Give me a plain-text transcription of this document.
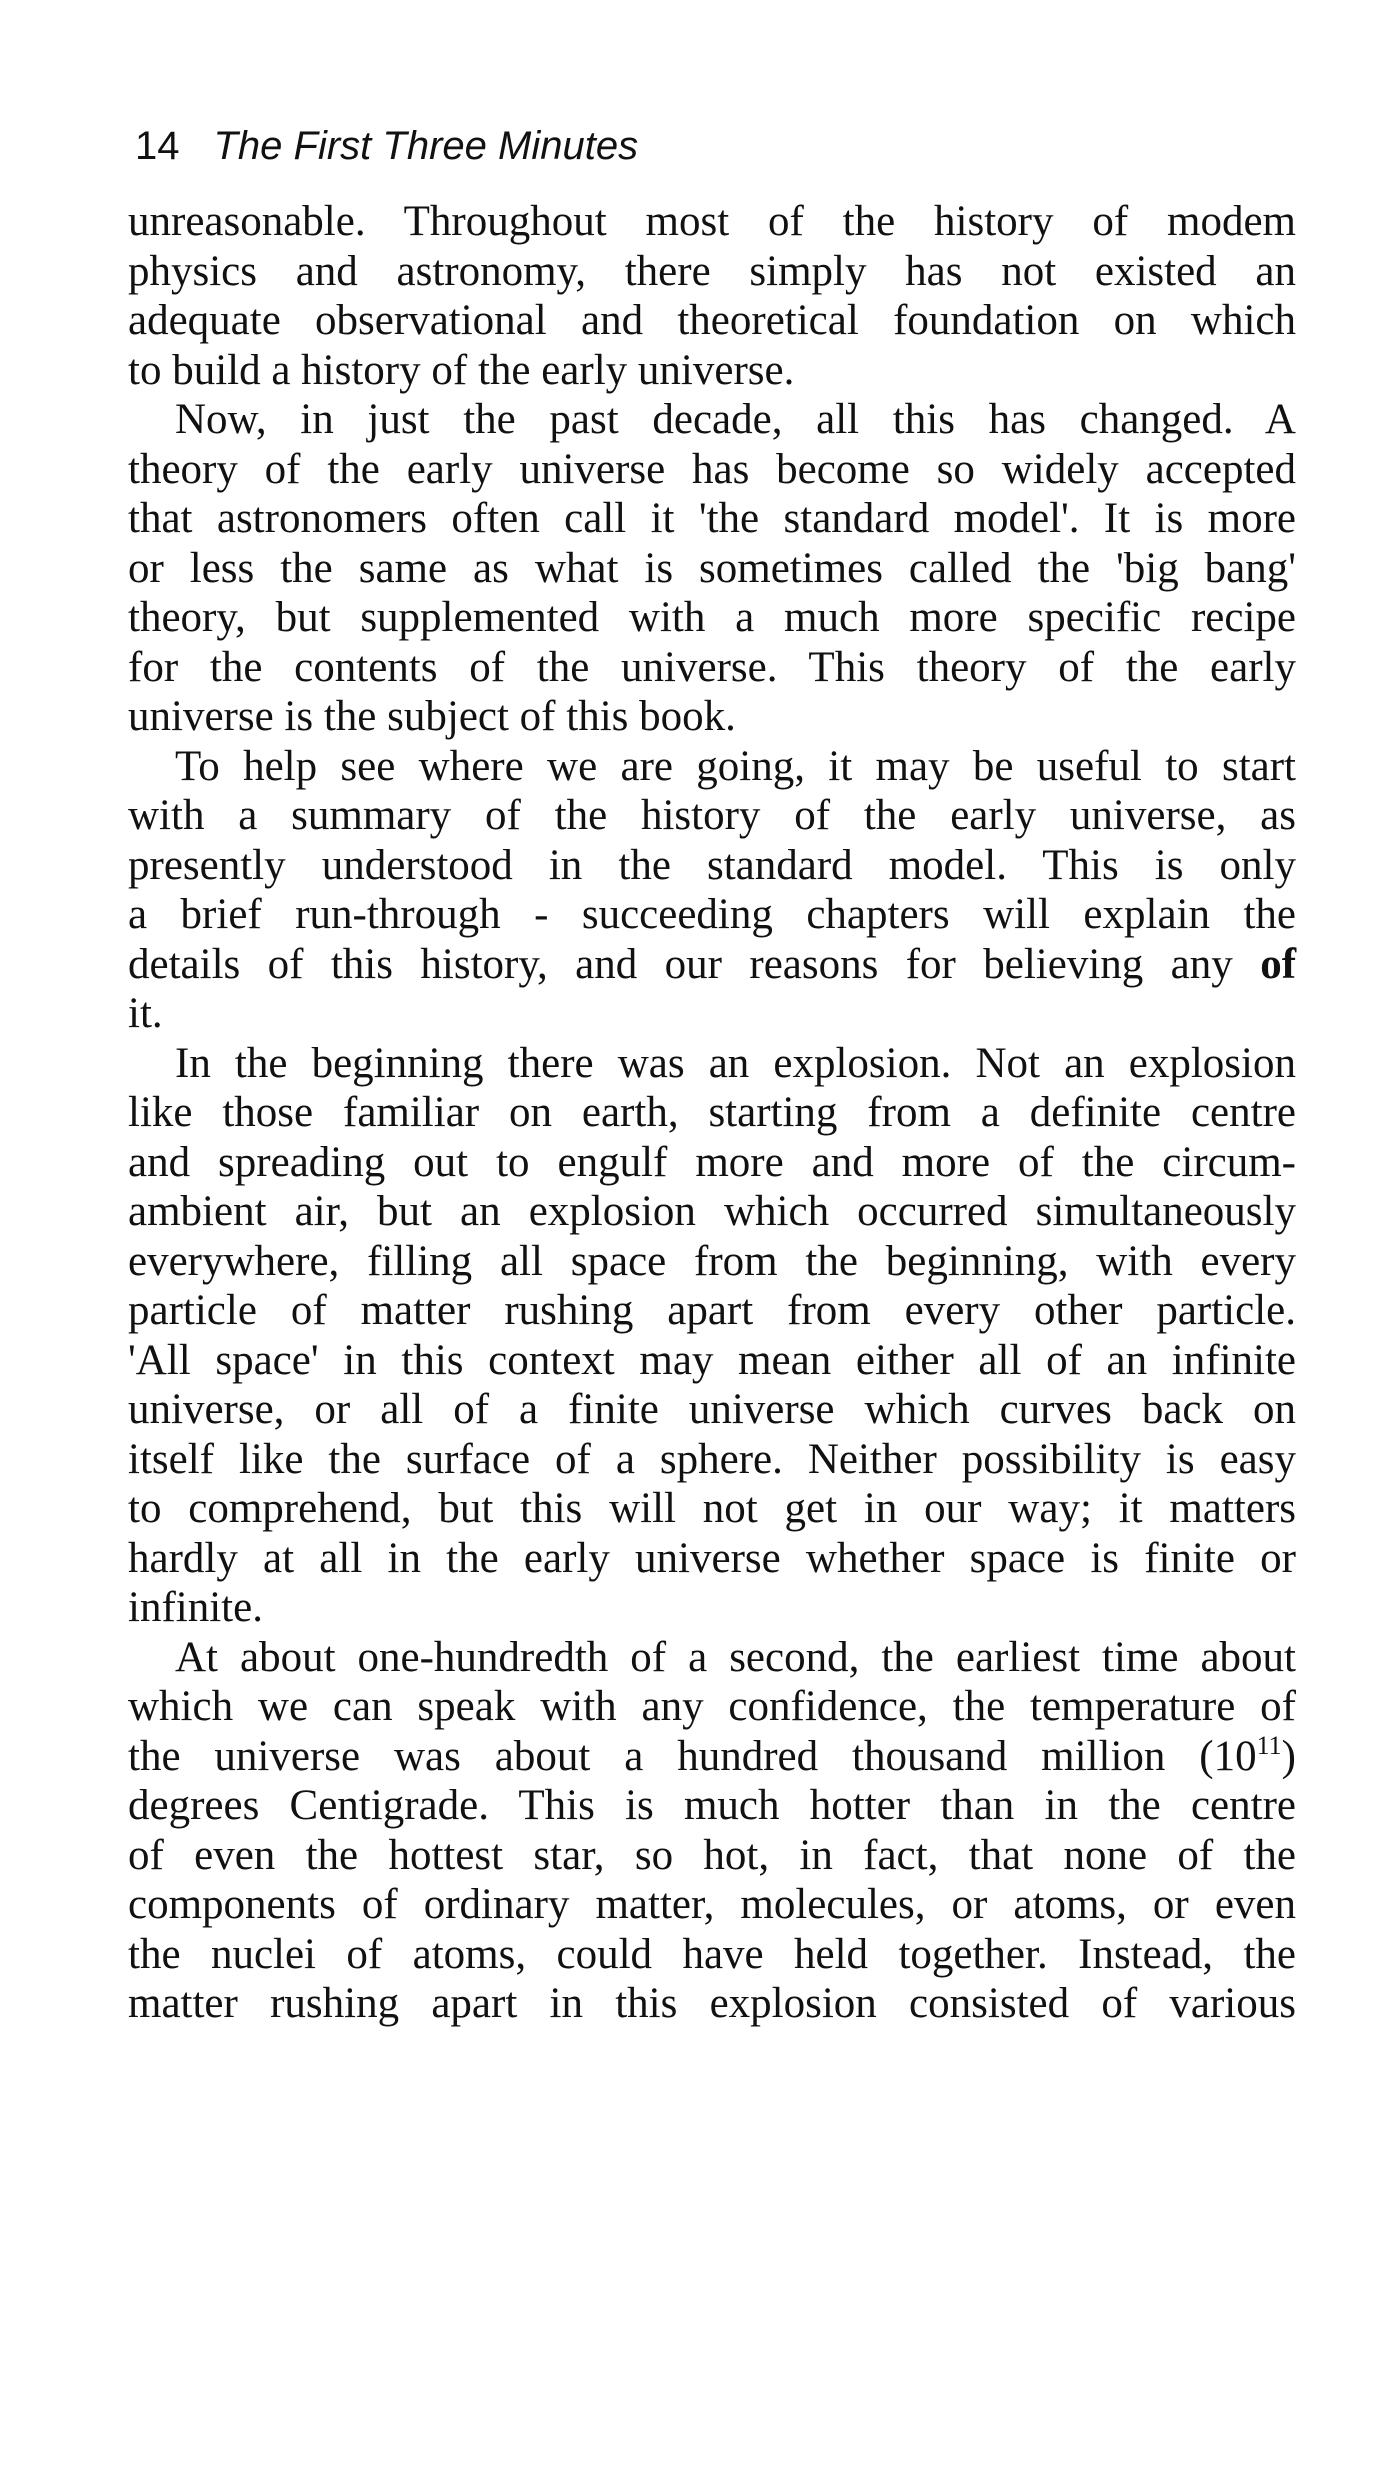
14 The First Three Minutes
unreasonable. Throughout most of the history of modem
physics and astronomy, there simply has not existed an
adequate observational and theoretical foundation on which
to build a history of the early universe.
Now, in just the past decade, all this has changed. A
theory of the early universe has become so widely accepted
that astronomers often call it 'the standard model'. It is more
or less the same as what is sometimes called the 'big bang'
theory, but supplemented with a much more specific recipe
for the contents of the universe. This theory of the early
universe is the subject of this book.
To help see where we are going, it may be useful to start
with a summary of the history of the early universe, as
presently understood in the standard model. This is only
a brief run-through - succeeding chapters will explain the
details of this history, and our reasons for believing any of
it.
In the beginning there was an explosion. Not an explosion
like those familiar on earth, starting from a definite centre
and spreading out to engulf more and more of the circum-
ambient air, but an explosion which occurred simultaneously
everywhere, filling all space from the beginning, with every
particle of matter rushing apart from every other particle.
'All space' in this context may mean either all of an infinite
universe, or all of a finite universe which curves back on
itself like the surface of a sphere. Neither possibility is easy
to comprehend, but this will not get in our way; it matters
hardly at all in the early universe whether space is finite or
infinite.
At about one-hundredth of a second, the earliest time about
which we can speak with any confidence, the temperature of
the universe was about a hundred thousand million $(10^{11})$
degrees Centigrade. This is much hotter than in the centre
of even the hottest star, so hot, in fact, that none of the
components of ordinary matter, molecules, or atoms, or even
the nuclei of atoms, could have held together. Instead, the
matter rushing apart in this explosion consisted of various
